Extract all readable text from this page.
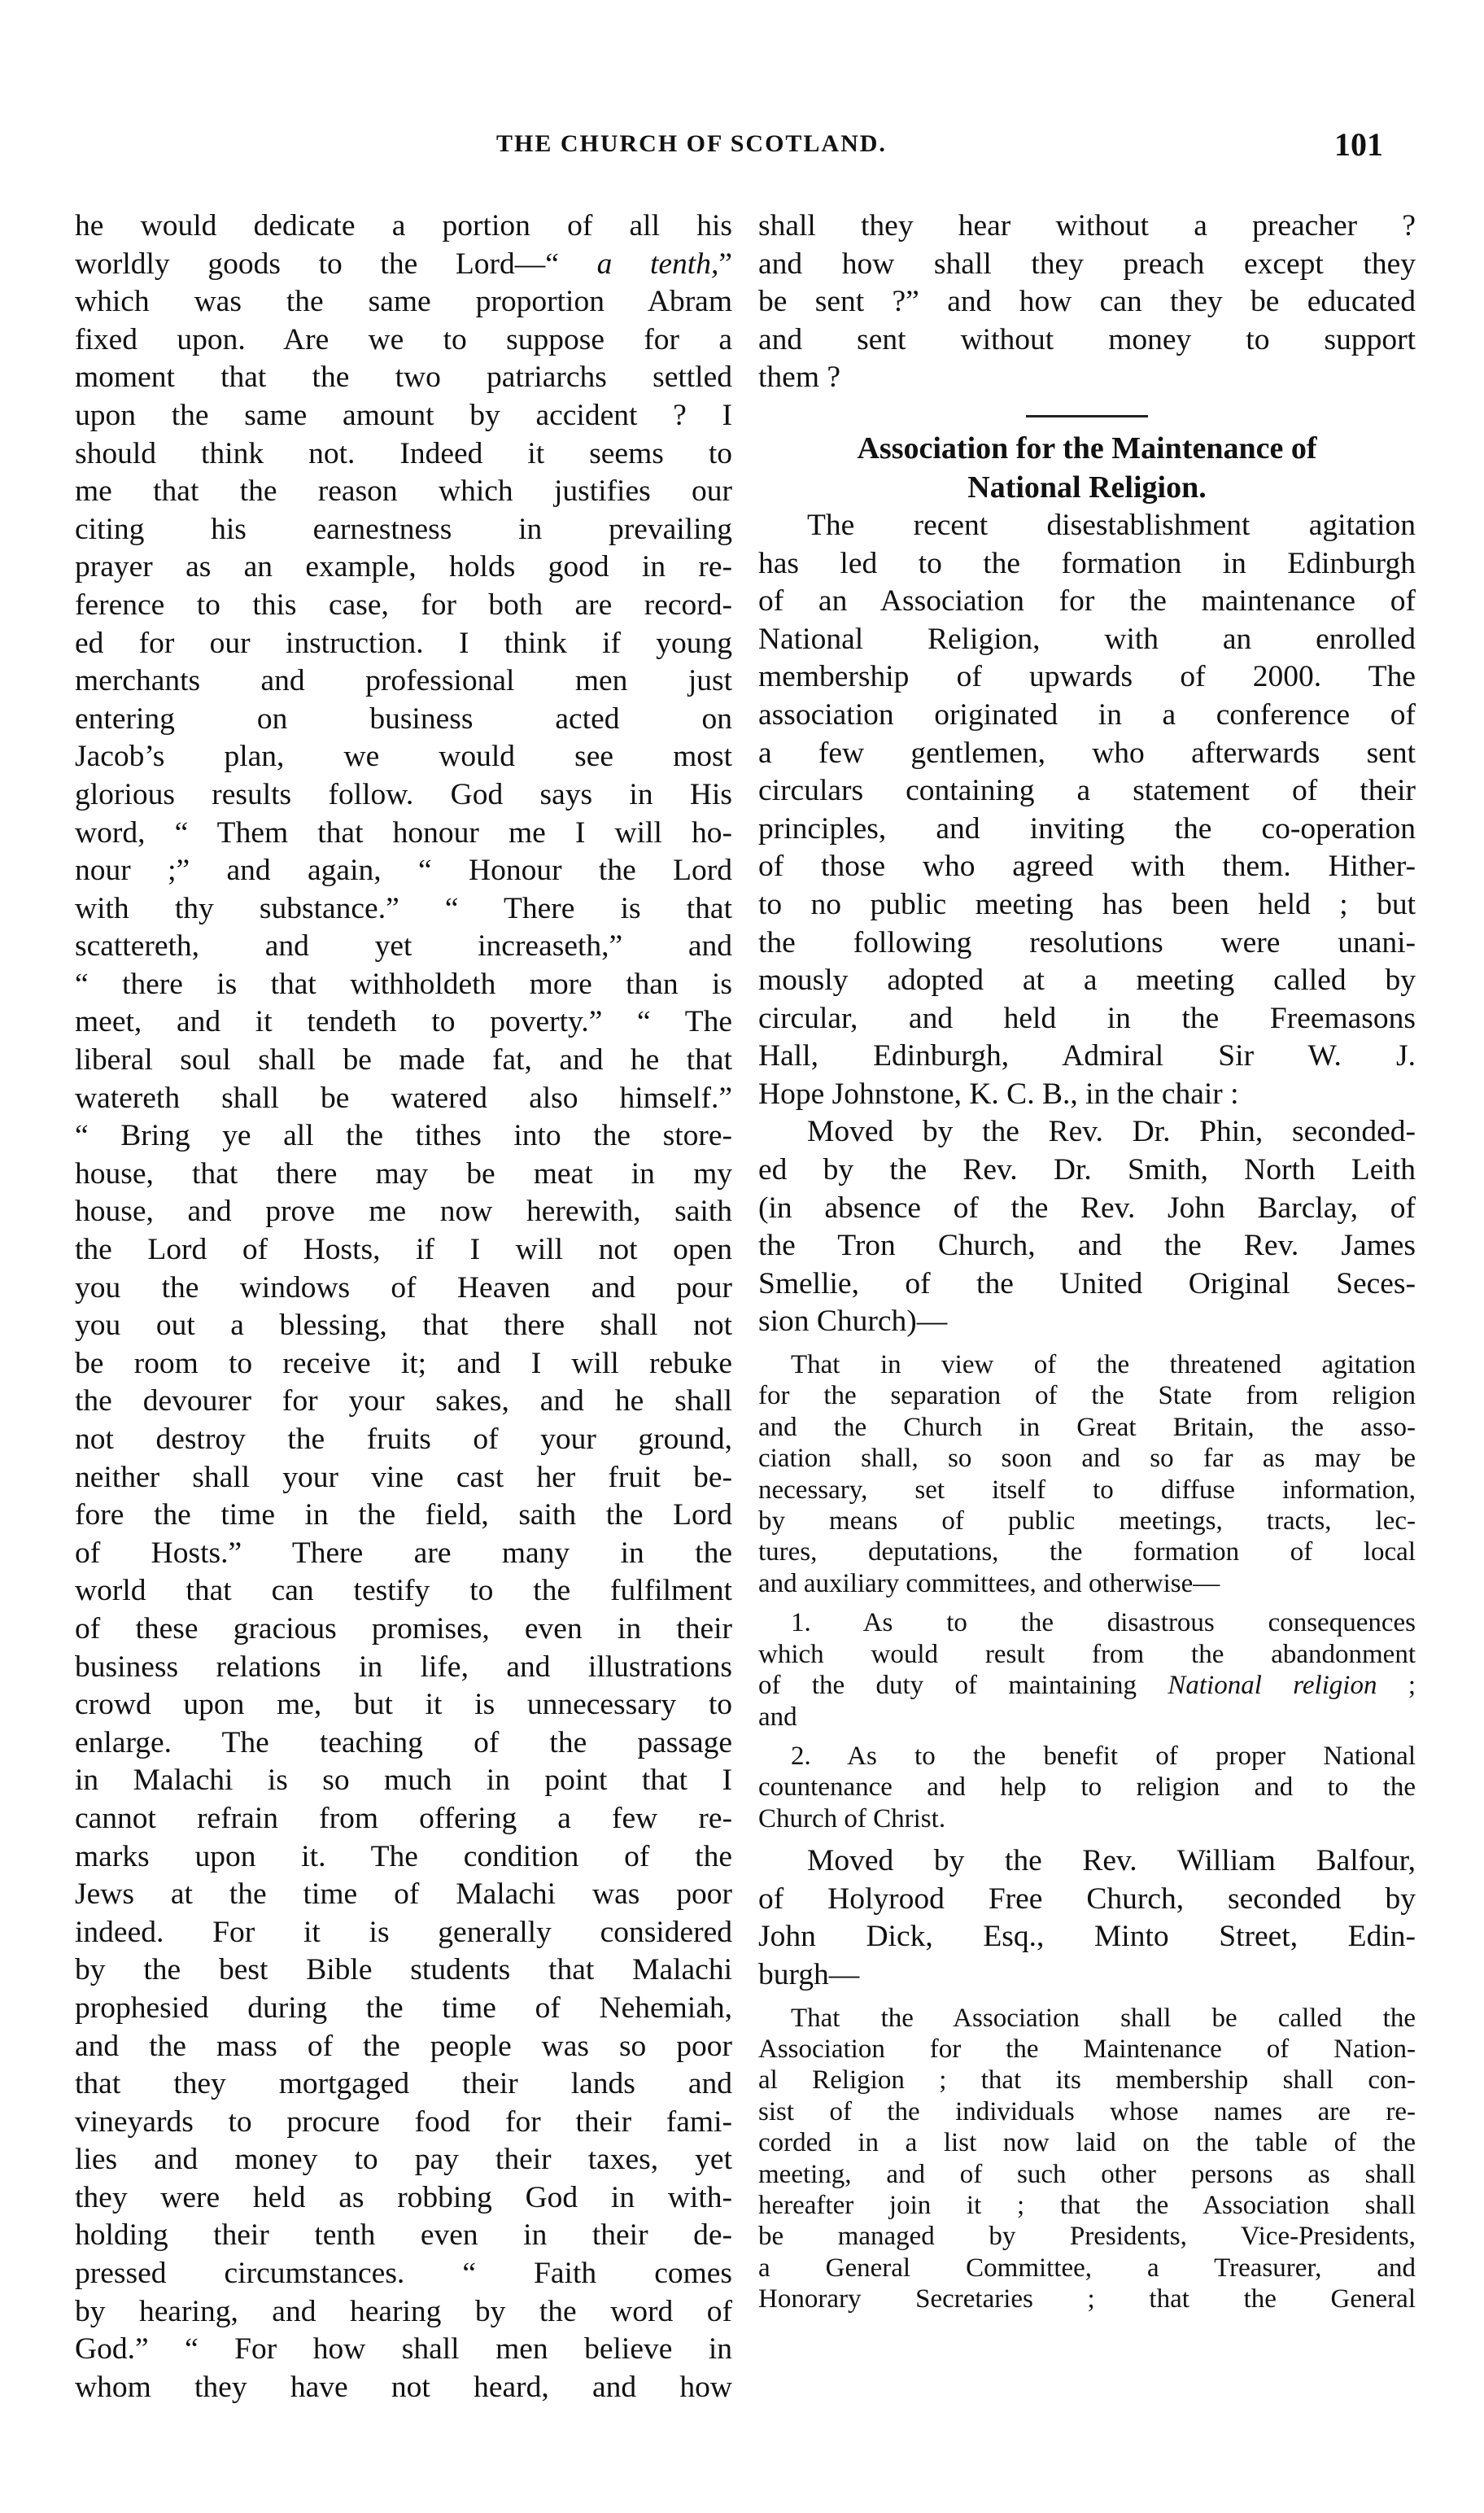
THE CHURCH OF SCOTLAND.	101
he would dedicate a portion of all his
worldly goods to the Lord—“ a tenth,”
which was the same proportion Abram
fixed upon. Are we to suppose for a
moment that the two patriarchs settled
upon the same amount by accident ? I
should think not. Indeed it seems to
me that the reason which justifies our
citing his earnestness in prevailing
prayer as an example, holds good in re-
ference to this case, for both are record-
ed for our instruction. I think if young
merchants and professional men just
entering on business acted on
Jacob’s plan, we would see most
glorious results follow. God says in His
word, “ Them that honour me I will ho-
nour ;” and again, “ Honour the Lord
with thy substance.” “ There is that
scattereth, and yet increaseth,” and
“ there is that withholdeth more than is
meet, and it tendeth to poverty.” “ The
liberal soul shall be made fat, and he that
watereth shall be watered also himself.”
“ Bring ye all the tithes into the store-
house, that there may be meat in my
house, and prove me now herewith, saith
the Lord of Hosts, if I will not open
you the windows of Heaven and pour
you out a blessing, that there shall not
be room to receive it; and I will rebuke
the devourer for your sakes, and he shall
not destroy the fruits of your ground,
neither shall your vine cast her fruit be-
fore the time in the field, saith the Lord
of Hosts.” There are many in the
world that can testify to the fulfilment
of these gracious promises, even in their
business relations in life, and illustrations
crowd upon me, but it is unnecessary to
enlarge. The teaching of the passage
in Malachi is so much in point that I
cannot refrain from offering a few re-
marks upon it. The condition of the
Jews at the time of Malachi was poor
indeed. For it is generally considered
by the best Bible students that Malachi
prophesied during the time of Nehemiah,
and the mass of the people was so poor
that they mortgaged their lands and
vineyards to procure food for their fami-
lies and money to pay their taxes, yet
they were held as robbing God in with-
holding their tenth even in their de-
pressed circumstances. “ Faith comes
by hearing, and hearing by the word of
God.” “ For how shall men believe in
whom they have not heard, and how
shall they hear without a preacher ?
and how shall they preach except they
be sent ?” and how can they be educated
and sent without money to support
them ?
Association for the Maintenance of
National Religion.
The recent disestablishment agitation
has led to the formation in Edinburgh
of an Association for the maintenance of
National Religion, with an enrolled
membership of upwards of 2000. The
association originated in a conference of
a few gentlemen, who afterwards sent
circulars containing a statement of their
principles, and inviting the co-operation
of those who agreed with them. Hither-
to no public meeting has been held ; but
the following resolutions were unani-
mously adopted at a meeting called by
circular, and held in the Freemasons
Hall, Edinburgh, Admiral Sir W. J.
Hope Johnstone, K. C. B., in the chair :
Moved by the Rev. Dr. Phin, seconded-
ed by the Rev. Dr. Smith, North Leith
(in absence of the Rev. John Barclay, of
the Tron Church, and the Rev. James
Smellie, of the United Original Seces-
sion Church)—
That in view of the threatened agitation
for the separation of the State from religion
and the Church in Great Britain, the asso-
ciation shall, so soon and so far as may be
necessary, set itself to diffuse information,
by means of public meetings, tracts, lec-
tures, deputations, the formation of local
and auxiliary committees, and otherwise—
1. As to the disastrous consequences
which would result from the abandonment
of the duty of maintaining National religion ;
and
2. As to the benefit of proper National
countenance and help to religion and to the
Church of Christ.
Moved by the Rev. William Balfour,
of Holyrood Free Church, seconded by
John Dick, Esq., Minto Street, Edin-
burgh—
That the Association shall be called the
Association for the Maintenance of Nation-
al Religion ; that its membership shall con-
sist of the individuals whose names are re-
corded in a list now laid on the table of the
meeting, and of such other persons as shall
hereafter join it ; that the Association shall
be managed by Presidents, Vice-Presidents,
a General Committee, a Treasurer, and
Honorary Secretaries ; that the General
